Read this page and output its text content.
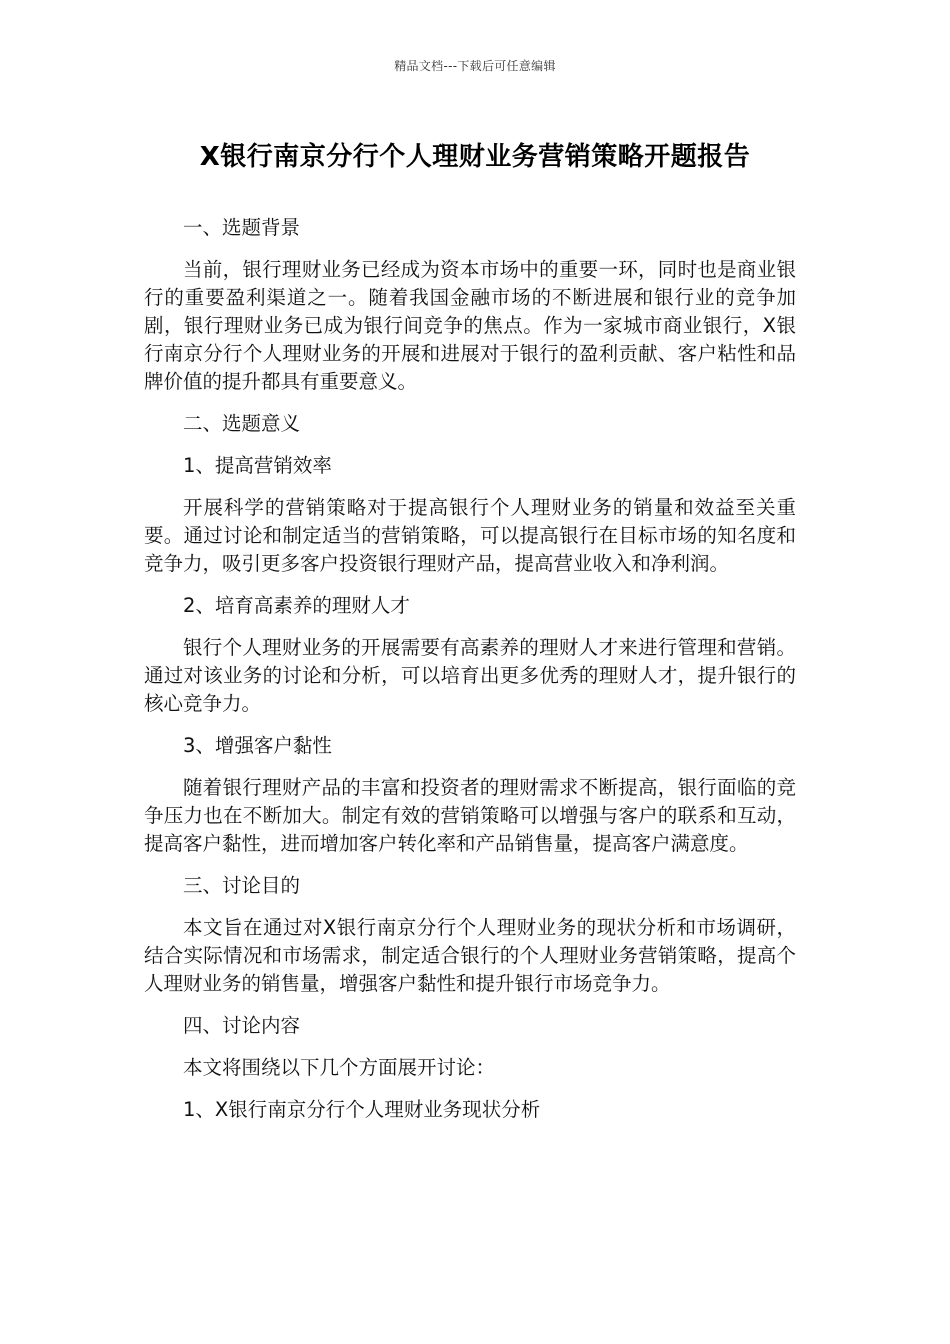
精品文档---下载后可任意编辑
X银行南京分行个人理财业务营销策略开题报告

一、选题背景

当前，银行理财业务已经成为资本市场中的重要一环，同时也是商业银行的重要盈利渠道之一。随着我国金融市场的不断进展和银行业的竞争加剧，银行理财业务已成为银行间竞争的焦点。作为一家城市商业银行，X银行南京分行个人理财业务的开展和进展对于银行的盈利贡献、客户粘性和品牌价值的提升都具有重要意义。

二、选题意义

1、提高营销效率

开展科学的营销策略对于提高银行个人理财业务的销量和效益至关重要。通过讨论和制定适当的营销策略，可以提高银行在目标市场的知名度和竞争力，吸引更多客户投资银行理财产品，提高营业收入和净利润。

2、培育高素养的理财人才

银行个人理财业务的开展需要有高素养的理财人才来进行管理和营销。通过对该业务的讨论和分析，可以培育出更多优秀的理财人才，提升银行的核心竞争力。

3、增强客户黏性

随着银行理财产品的丰富和投资者的理财需求不断提高，银行面临的竞争压力也在不断加大。制定有效的营销策略可以增强与客户的联系和互动，提高客户黏性，进而增加客户转化率和产品销售量，提高客户满意度。

三、讨论目的

本文旨在通过对X银行南京分行个人理财业务的现状分析和市场调研，结合实际情况和市场需求，制定适合银行的个人理财业务营销策略，提高个人理财业务的销售量，增强客户黏性和提升银行市场竞争力。

四、讨论内容

本文将围绕以下几个方面展开讨论：

1、X银行南京分行个人理财业务现状分析
